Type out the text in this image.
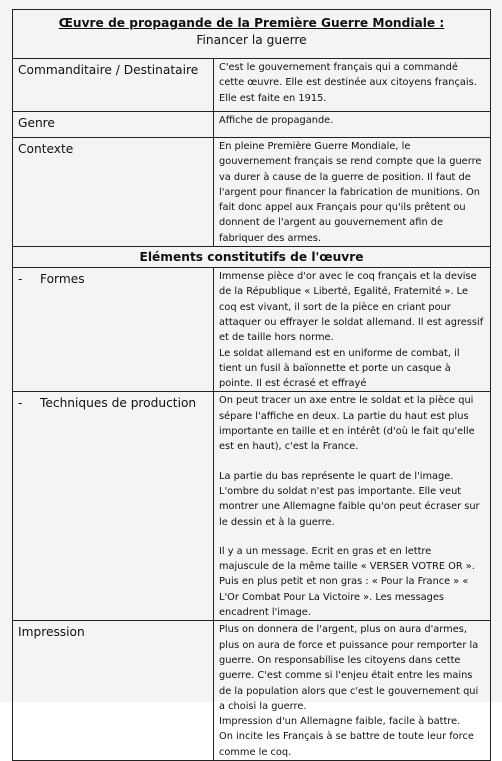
Œuvre de propagande de la Première Guerre Mondiale :
Financer la guerre	

Commanditaire / Destinataire	C'est le gouvernement français qui a commandé cette œuvre. Elle est destinée aux citoyens français. Elle est faite en 1915.

Genre	Affiche de propagande.

Contexte	En pleine Première Guerre Mondiale, le gouvernement français se rend compte que la guerre va durer à cause de la guerre de position. Il faut de l'argent pour financer la fabrication de munitions. On fait donc appel aux Français pour qu'ils prêtent ou donnent de l'argent au gouvernement afin de fabriquer des armes.

Eléments constitutifs de l'œuvre	
- Formes	Immense pièce d'or avec le coq français et la devise de la République « Liberté, Egalité, Fraternité ». Le coq est vivant, il sort de la pièce en criant pour attaquer ou effrayer le soldat allemand. Il est agressif et de taille hors norme.

Le soldat allemand est en uniforme de combat, il tient un fusil à baïonnette et porte un casque à pointe. Il est écrasé et effrayé

- Techniques de production	On peut tracer un axe entre le soldat et la pièce qui sépare l'affiche en deux. La partie du haut est plus importante en taille et en intérêt (d'où le fait qu'elle est en haut), c'est la France.

La partie du bas représente le quart de l'image. L'ombre du soldat n'est pas importante. Elle veut montrer une Allemagne faible qu'on peut écraser sur le dessin et à la guerre.

Il y a un message. Ecrit en gras et en lettre majuscule de la même taille « VERSER VOTRE OR ». Puis en plus petit et non gras : « Pour la France » « L'Or Combat Pour La Victoire ». Les messages encadrent l'image.

Impression	Plus on donnera de l'argent, plus on aura d'armes, plus on aura de force et puissance pour remporter la guerre. On responsabilise les citoyens dans cette guerre. C'est comme si l'enjeu était entre les mains de la population alors que c'est le gouvernement qui a choisi la guerre.

Impression d'un Allemagne faible, facile à battre.

On incite les Français à se battre de toute leur force comme le coq.
